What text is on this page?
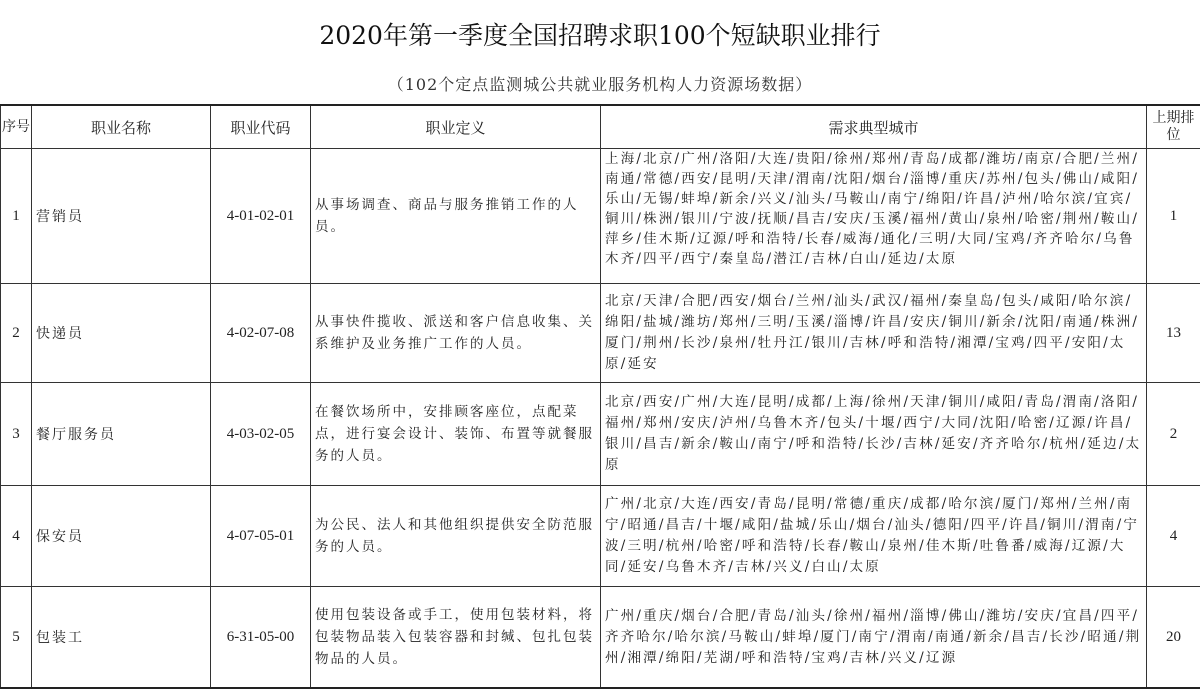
2020年第一季度全国招聘求职100个短缺职业排行
（102个定点监测城公共就业服务机构人力资源场数据）
序号	职业名称	职业代码	职业定义	需求典型城市	上期排位
1	营销员	4-01-02-01	从事场调查、商品与服务推销工作的人员。	上海/北京/广州/洛阳/大连/贵阳/徐州/郑州/青岛/成都/潍坊/南京/合肥/兰州/南通/常德/西安/昆明/天津/渭南/沈阳/烟台/淄博/重庆/苏州/包头/佛山/咸阳/乐山/无锡/蚌埠/新余/兴义/汕头/马鞍山/南宁/绵阳/许昌/泸州/哈尔滨/宜宾/铜川/株洲/银川/宁波/抚顺/昌吉/安庆/玉溪/福州/黄山/泉州/哈密/荆州/鞍山/萍乡/佳木斯/辽源/呼和浩特/长春/威海/通化/三明/大同/宝鸡/齐齐哈尔/乌鲁木齐/四平/西宁/秦皇岛/潜江/吉林/白山/延边/太原	1
2	快递员	4-02-07-08	从事快件揽收、派送和客户信息收集、关系维护及业务推广工作的人员。	北京/天津/合肥/西安/烟台/兰州/汕头/武汉/福州/秦皇岛/包头/咸阳/哈尔滨/绵阳/盐城/潍坊/郑州/三明/玉溪/淄博/许昌/安庆/铜川/新余/沈阳/南通/株洲/厦门/荆州/长沙/泉州/牡丹江/银川/吉林/呼和浩特/湘潭/宝鸡/四平/安阳/太原/延安	13
3	餐厅服务员	4-03-02-05	在餐饮场所中，安排顾客座位，点配菜点，进行宴会设计、装饰、布置等就餐服务的人员。	北京/西安/广州/大连/昆明/成都/上海/徐州/天津/铜川/咸阳/青岛/渭南/洛阳/福州/郑州/安庆/泸州/乌鲁木齐/包头/十堰/西宁/大同/沈阳/哈密/辽源/许昌/银川/昌吉/新余/鞍山/南宁/呼和浩特/长沙/吉林/延安/齐齐哈尔/杭州/延边/太原	2
4	保安员	4-07-05-01	为公民、法人和其他组织提供安全防范服务的人员。	广州/北京/大连/西安/青岛/昆明/常德/重庆/成都/哈尔滨/厦门/郑州/兰州/南宁/昭通/昌吉/十堰/咸阳/盐城/乐山/烟台/汕头/德阳/四平/许昌/铜川/渭南/宁波/三明/杭州/哈密/呼和浩特/长春/鞍山/泉州/佳木斯/吐鲁番/威海/辽源/大同/延安/乌鲁木齐/吉林/兴义/白山/太原	4
5	包装工	6-31-05-00	使用包装设备或手工，使用包装材料，将包装物品装入包装容器和封缄、包扎包装物品的人员。	广州/重庆/烟台/合肥/青岛/汕头/徐州/福州/淄博/佛山/潍坊/安庆/宜昌/四平/齐齐哈尔/哈尔滨/马鞍山/蚌埠/厦门/南宁/渭南/南通/新余/昌吉/长沙/昭通/荆州/湘潭/绵阳/芜湖/呼和浩特/宝鸡/吉林/兴义/辽源	20
